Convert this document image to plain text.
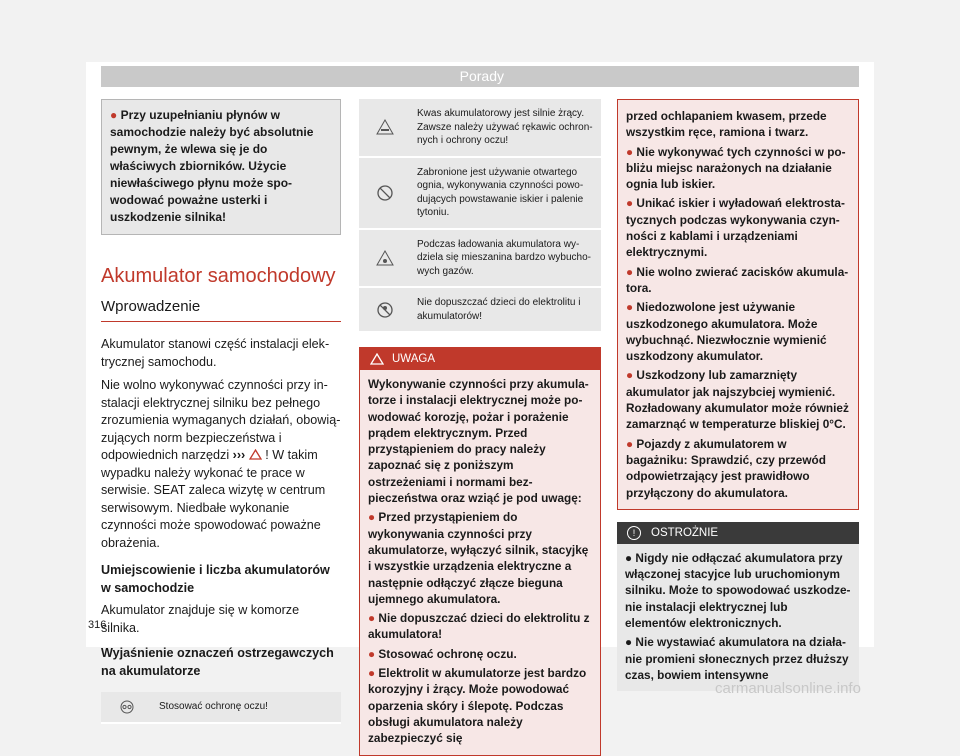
Porady
● Przy uzupełnianiu płynów w samochodzie należy być absolutnie pewnym, że wlewa się je do właściwych zbiorników. Użycie niewłaściwego płynu może spowodować poważne usterki i uszkodzenie silnika!
Akumulator samochodowy
Wprowadzenie

Akumulator stanowi część instalacji elektrycznej samochodu.

Nie wolno wykonywać czynności przy instalacji elektrycznej silniku bez pełnego zrozumienia wymaganych działań, obowiązujących norm bezpieczeństwa i odpowiednich narzędzi ››› ! W takim wypadku należy wykonać te prace w serwisie. SEAT zaleca wizytę w centrum serwisowym. Niedbałe wykonanie czynności może spowodować poważne obrażenia.

Umiejscowienie i liczba akumulatorów w samochodzie

Akumulator znajduje się w komorze silnika.

Wyjaśnienie oznaczeń ostrzegawczych na akumulatorze
Stosować ochronę oczu!
Kwas akumulatorowy jest silnie żrący. Zawsze należy używać rękawic ochronnych i ochrony oczu!
Zabronione jest używanie otwartego ognia, wykonywania czynności powodujących powstawanie iskier i palenie tytoniu.
Podczas ładowania akumulatora wydziela się mieszanina bardzo wybuchowych gazów.
Nie dopuszczać dzieci do elektrolitu i akumulatorów!
UWAGA

Wykonywanie czynności przy akumulatorze i instalacji elektrycznej może powodować korozję, pożar i porażenie prądem elektrycznym. Przed przystąpieniem do pracy należy zapoznać się z poniższym ostrzeżeniami i normami bezpieczeństwa oraz wziąć je pod uwagę:

● Przed przystąpieniem do wykonywania czynności przy akumulatorze, wyłączyć silnik, stacyjkę i wszystkie urządzenia elektryczne a następnie odłączyć złącze bieguna ujemnego akumulatora.

● Nie dopuszczać dzieci do elektrolitu z akumulatora!

● Stosować ochronę oczu.

● Elektrolit w akumulatorze jest bardzo korozyjny i żrący. Może powodować oparzenia skóry i ślepotę. Podczas obsługi akumulatora należy zabezpieczyć się

przed ochlapaniem kwasem, przede wszystkim ręce, ramiona i twarz.

● Nie wykonywać tych czynności w pobliżu miejsc narażonych na działanie ognia lub iskier.

● Unikać iskier i wyładowań elektrostatycznych podczas wykonywania czynności z kablami i urządzeniami elektrycznymi.

● Nie wolno zwierać zacisków akumulatora.

● Niedozwolone jest używanie uszkodzonego akumulatora. Może wybuchnąć. Niezwłocznie wymienić uszkodzony akumulator.

● Uszkodzony lub zamarznięty akumulator jak najszybciej wymienić. Rozładowany akumulator może również zamarznąć w temperaturze bliskiej 0°C.

● Pojazdy z akumulatorem w bagażniku: Sprawdzić, czy przewód odpowietrzający jest prawidłowo przyłączony do akumulatora.

!	OSTROŻNIE

● Nigdy nie odłączać akumulatora przy włączonej stacyjce lub uruchomionym silniku. Może to spowodować uszkodzenie instalacji elektrycznej lub elementów elektronicznych.

● Nie wystawiać akumulatora na działanie promieni słonecznych przez dłuższy czas, bowiem intensywne

316
carmanualsonline.info
